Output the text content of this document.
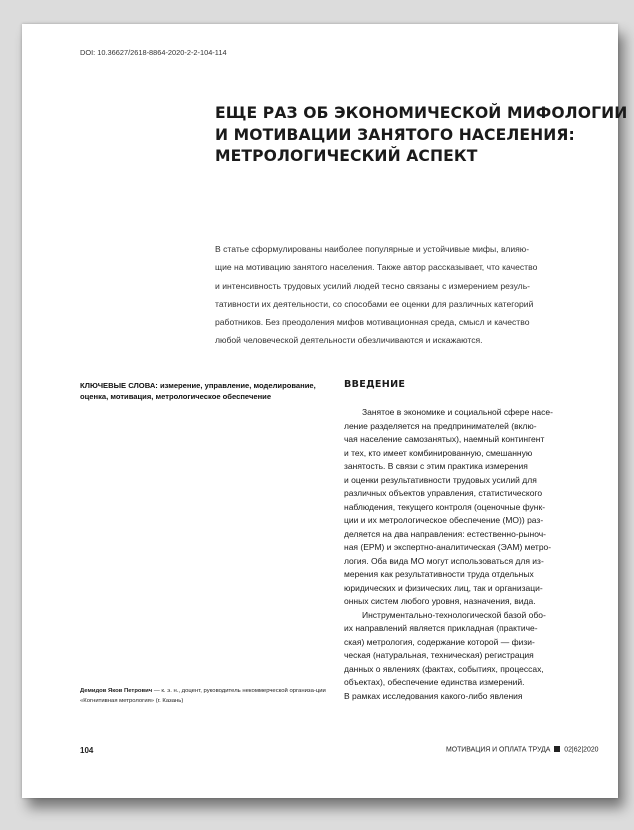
DOI: 10.36627/2618-8864-2020-2-2-104-114
ЕЩЕ РАЗ ОБ ЭКОНОМИЧЕСКОЙ МИФОЛОГИИ
И МОТИВАЦИИ ЗАНЯТОГО НАСЕЛЕНИЯ:
МЕТРОЛОГИЧЕСКИЙ АСПЕКТ
В статье сформулированы наиболее популярные и устойчивые мифы, влияю-
щие на мотивацию занятого населения. Также автор рассказывает, что качество
и интенсивность трудовых усилий людей тесно связаны с измерением резуль-
тативности их деятельности, со способами ее оценки для различных категорий
работников. Без преодоления мифов мотивационная среда, смысл и качество
любой человеческой деятельности обезличиваются и искажаются.
КЛЮЧЕВЫЕ СЛОВА: измерение, управление, моделирование, оценка, мотивация, метрологическое обеспечение
ВВЕДЕНИЕ
Занятое в экономике и социальной сфере насе-
ление разделяется на предпринимателей (вклю-
чая население самозанятых), наемный контингент
и тех, кто имеет комбинированную, смешанную
занятость. В связи с этим практика измерения
и оценки результативности трудовых усилий для
различных объектов управления, статистического
наблюдения, текущего контроля (оценочные функ-
ции и их метрологическое обеспечение (МО)) раз-
деляется на два направления: естественно-рыноч-
ная (ЕРМ) и экспертно-аналитическая (ЭАМ) метро-
логия. Оба вида МО могут использоваться для из-
мерения как результативности труда отдельных
юридических и физических лиц, так и организаци-
онных систем любого уровня, назначения, вида.
Инструментально-технологической базой обо-
их направлений является прикладная (практиче-
ская) метрология, содержание которой — физи-
ческая (натуральная, техническая) регистрация
данных о явлениях (фактах, событиях, процессах,
объектах), обеспечение единства измерений.
В рамках исследования какого-либо явления
Демидов Яков Петрович — к. э. н., доцент, руководитель некоммерческой организа-ции «Когнитивная метрология» (г. Казань)
104	МОТИВАЦИЯ И ОПЛАТА ТРУДА 02|62|2020
